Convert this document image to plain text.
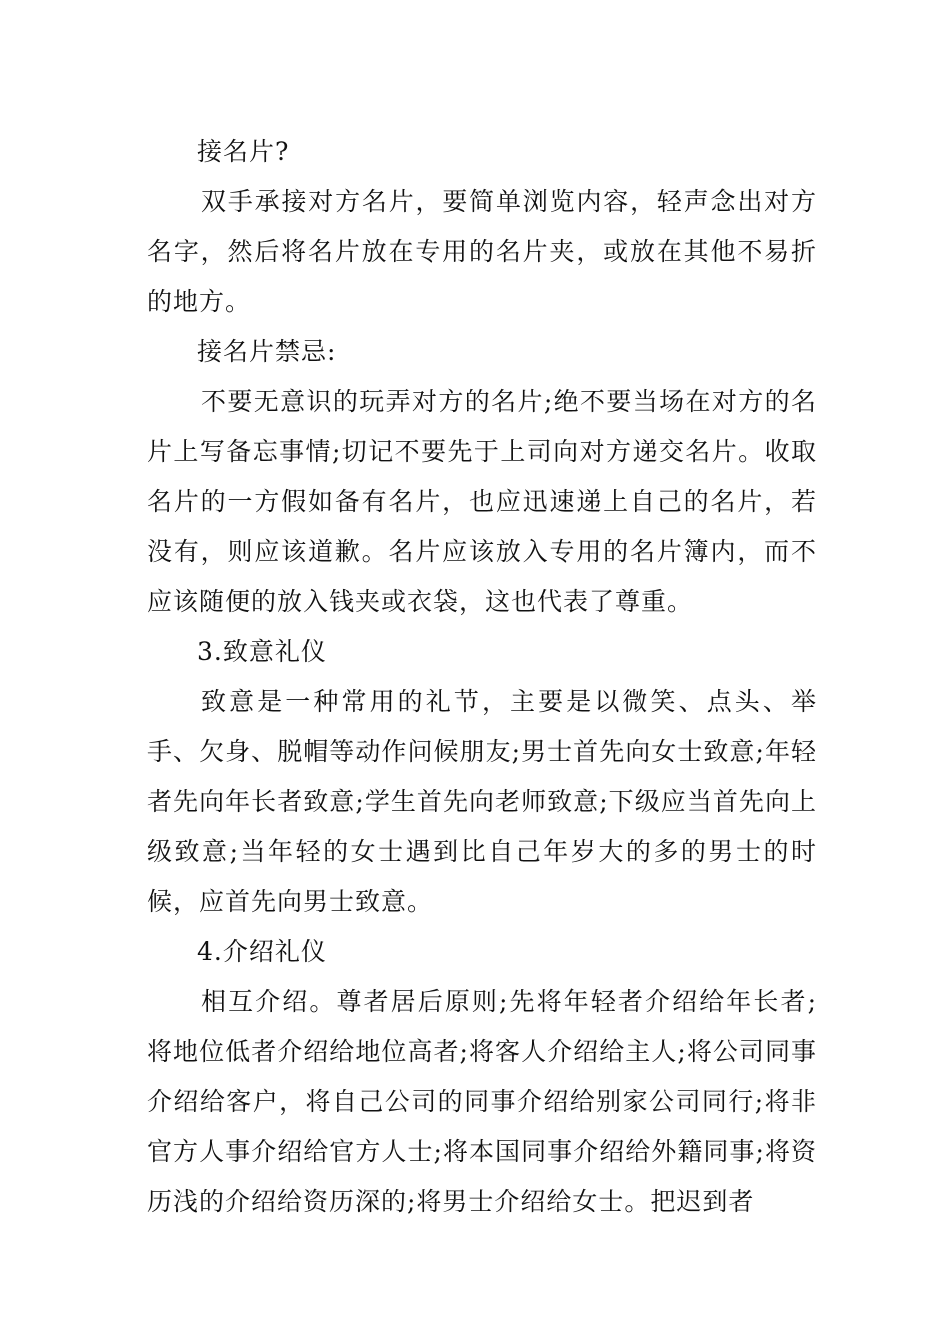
接名片?

双手承接对方名片，要简单浏览内容，轻声念出对方名字，然后将名片放在专用的名片夹，或放在其他不易折的地方。

接名片禁忌:

不要无意识的玩弄对方的名片;绝不要当场在对方的名片上写备忘事情;切记不要先于上司向对方递交名片。收取名片的一方假如备有名片，也应迅速递上自己的名片，若没有，则应该道歉。名片应该放入专用的名片簿内，而不应该随便的放入钱夹或衣袋，这也代表了尊重。

3.致意礼仪

致意是一种常用的礼节，主要是以微笑、点头、举手、欠身、脱帽等动作问候朋友;男士首先向女士致意;年轻者先向年长者致意;学生首先向老师致意;下级应当首先向上级致意;当年轻的女士遇到比自己年岁大的多的男士的时候，应首先向男士致意。

4.介绍礼仪

相互介绍。尊者居后原则;先将年轻者介绍给年长者;将地位低者介绍给地位高者;将客人介绍给主人;将公司同事介绍给客户，将自己公司的同事介绍给别家公司同行;将非官方人事介绍给官方人士;将本国同事介绍给外籍同事;将资历浅的介绍给资历深的;将男士介绍给女士。把迟到者
